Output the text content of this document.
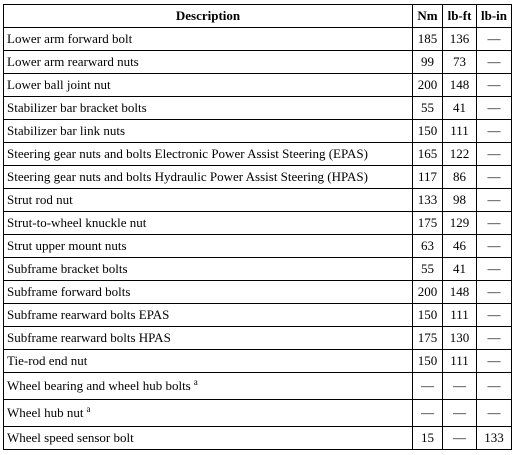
Description	Nm	lb-ft	lb-in
Lower arm forward bolt	185	136	—
Lower arm rearward nuts	99	73	—
Lower ball joint nut	200	148	—
Stabilizer bar bracket bolts	55	41	—
Stabilizer bar link nuts	150	111	—
Steering gear nuts and bolts Electronic Power Assist Steering (EPAS)	165	122	—
Steering gear nuts and bolts Hydraulic Power Assist Steering (HPAS)	117	86	—
Strut rod nut	133	98	—
Strut-to-wheel knuckle nut	175	129	—
Strut upper mount nuts	63	46	—
Subframe bracket bolts	55	41	—
Subframe forward bolts	200	148	—
Subframe rearward bolts EPAS	150	111	—
Subframe rearward bolts HPAS	175	130	—
Tie-rod end nut	150	111	—
Wheel bearing and wheel hub bolts $^a$	—	—	—
Wheel hub nut $^a$	—	—	—
Wheel speed sensor bolt	15	—	133
